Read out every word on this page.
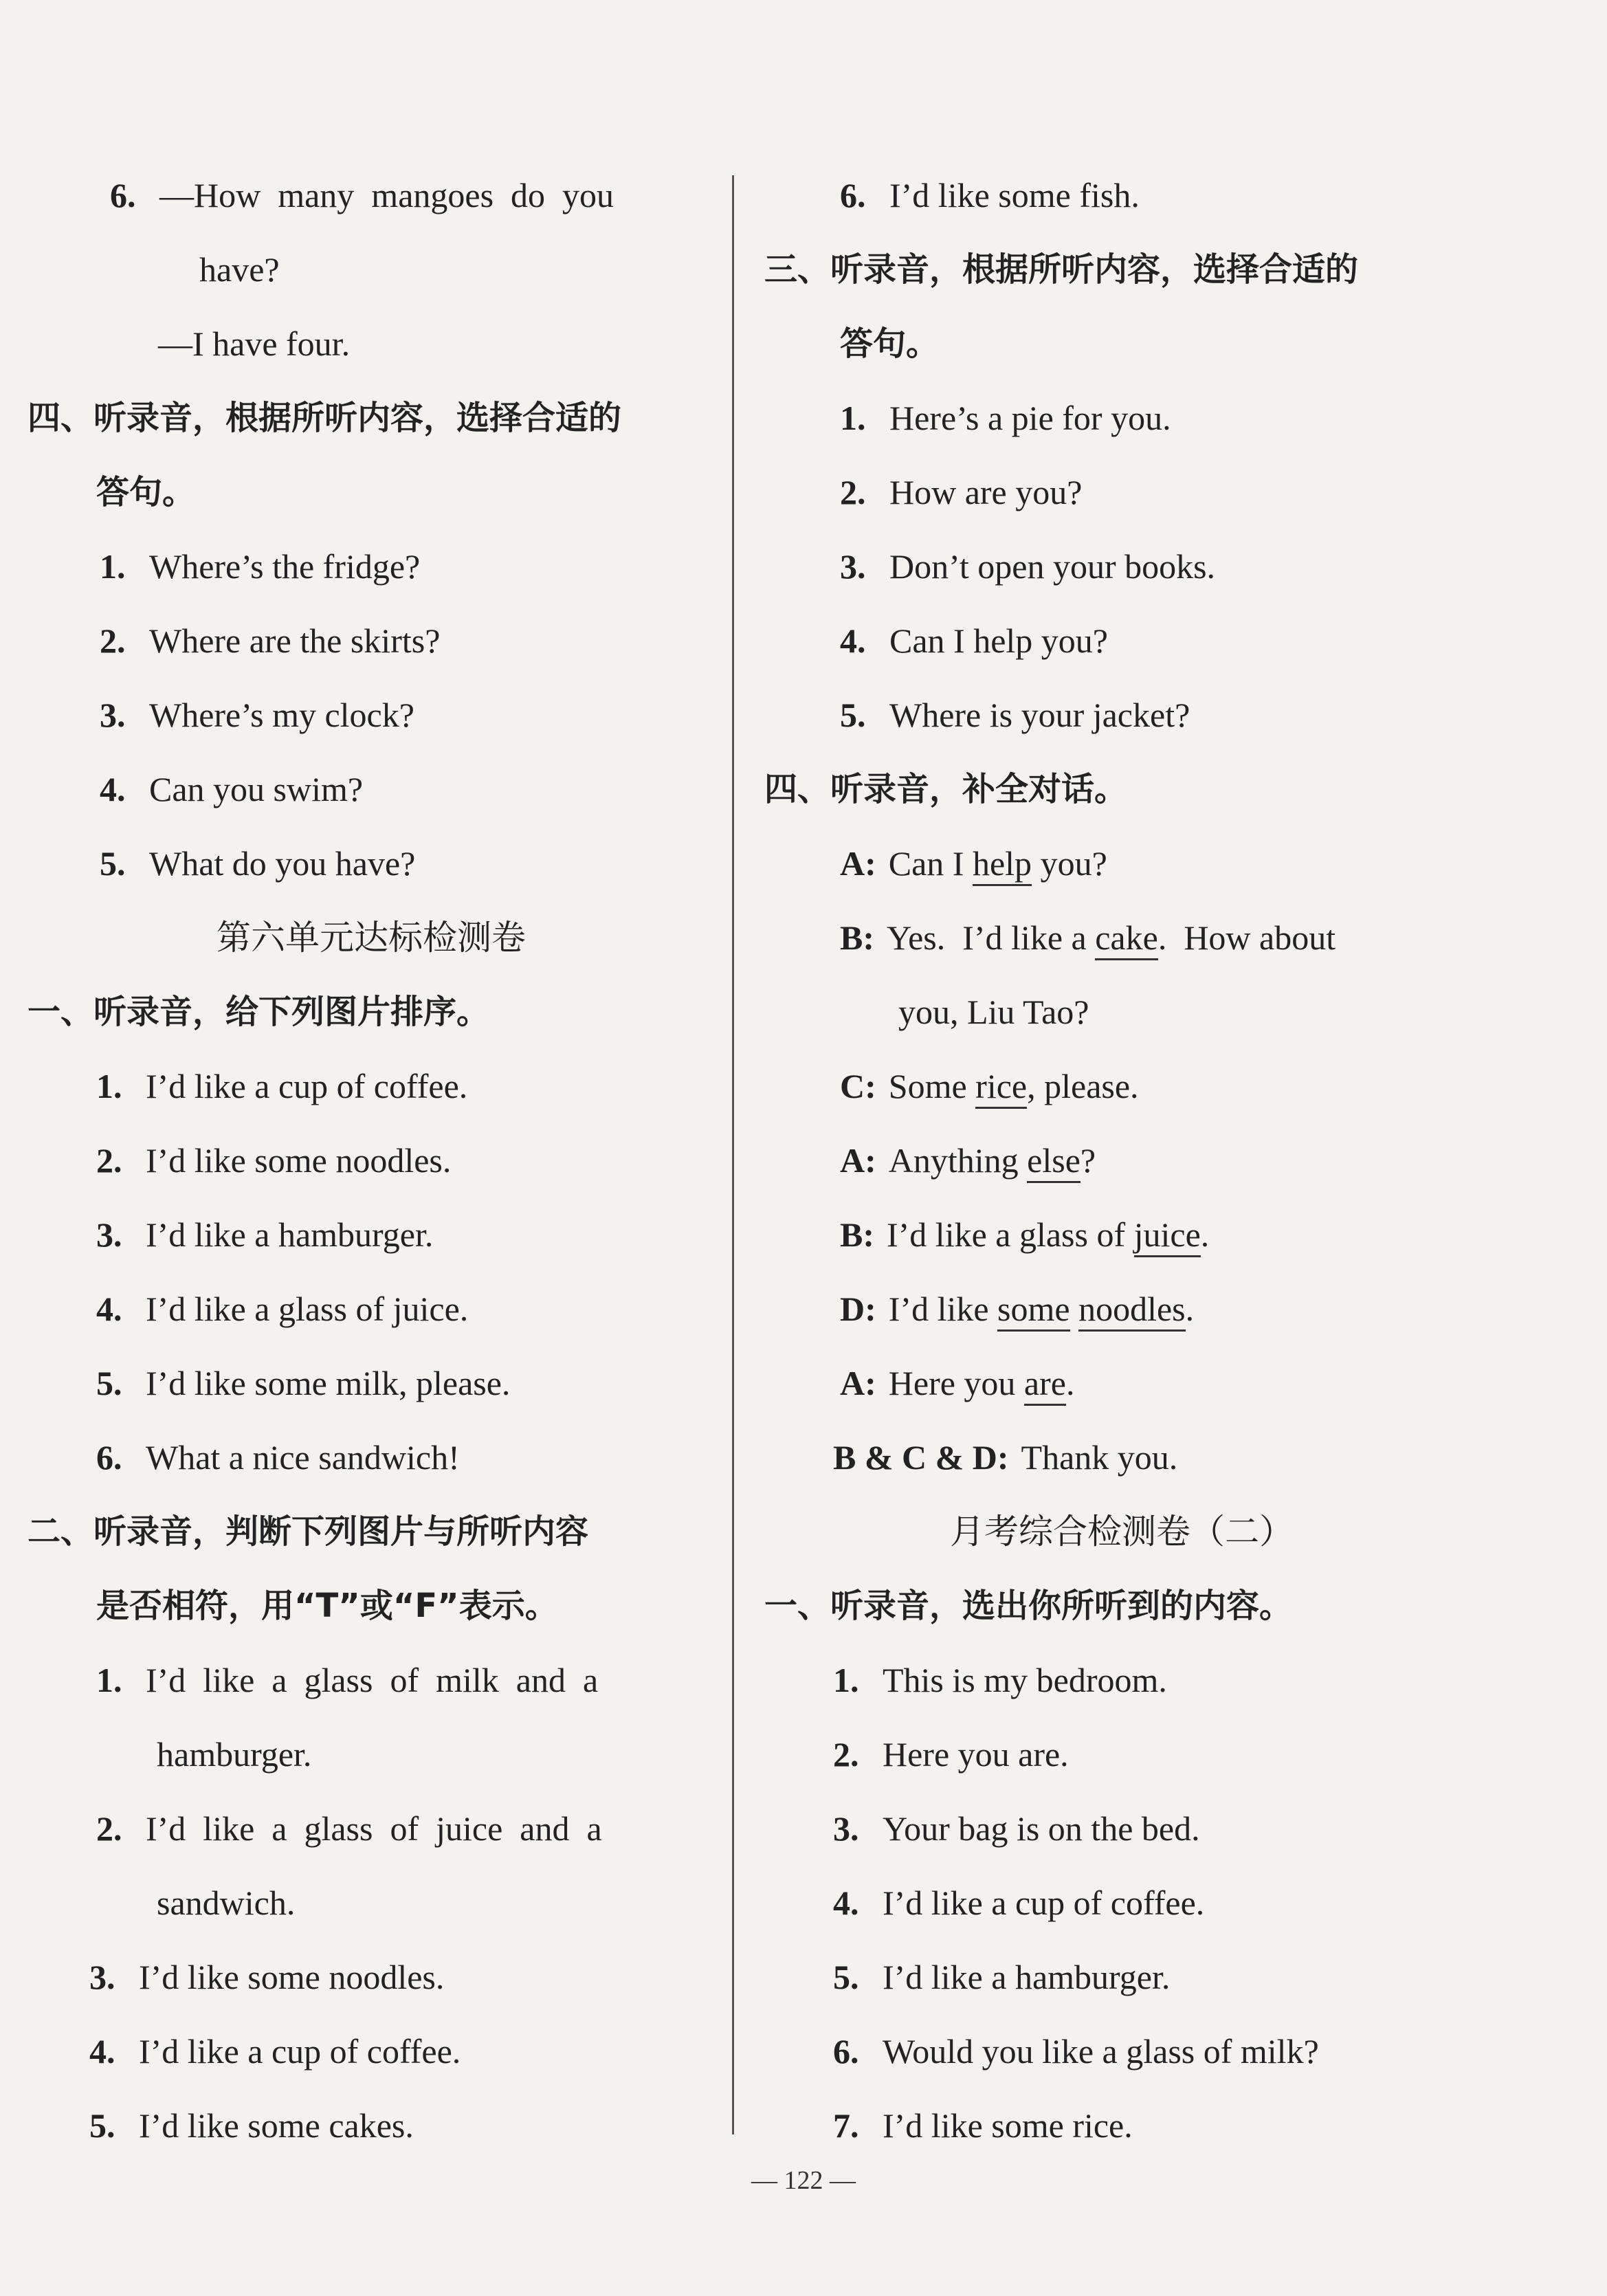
6. —How  many  mangoes  do  you
have?
—I have four.
四、听录音，根据所听内容，选择合适的
答句。
1. Where’s the fridge?
2. Where are the skirts?
3. Where’s my clock?
4. Can you swim?
5. What do you have?
第六单元达标检测卷
一、听录音，给下列图片排序。
1. I’d like a cup of coffee.
2. I’d like some noodles.
3. I’d like a hamburger.
4. I’d like a glass of juice.
5. I’d like some milk, please.
6. What a nice sandwich!
二、听录音，判断下列图片与所听内容
是否相符，用“T”或“F”表示。
1. I’d  like  a  glass  of  milk  and  a
hamburger.
2. I’d  like  a  glass  of  juice  and  a
sandwich.
3. I’d like some noodles.
4. I’d like a cup of coffee.
5. I’d like some cakes.
6. I’d like some fish.
三、听录音，根据所听内容，选择合适的
答句。
1. Here’s a pie for you.
2. How are you?
3. Don’t open your books.
4. Can I help you?
5. Where is your jacket?
四、听录音，补全对话。
A: Can I help you?
B: Yes.  I’d like a cake.  How about
you, Liu Tao?
C: Some rice, please.
A: Anything else?
B: I’d like a glass of juice.
D: I’d like some noodles.
A: Here you are.
B & C & D: Thank you.
月考综合检测卷（二）
一、听录音，选出你所听到的内容。
1. This is my bedroom.
2. Here you are.
3. Your bag is on the bed.
4. I’d like a cup of coffee.
5. I’d like a hamburger.
6. Would you like a glass of milk?
7. I’d like some rice.
— 122 —
